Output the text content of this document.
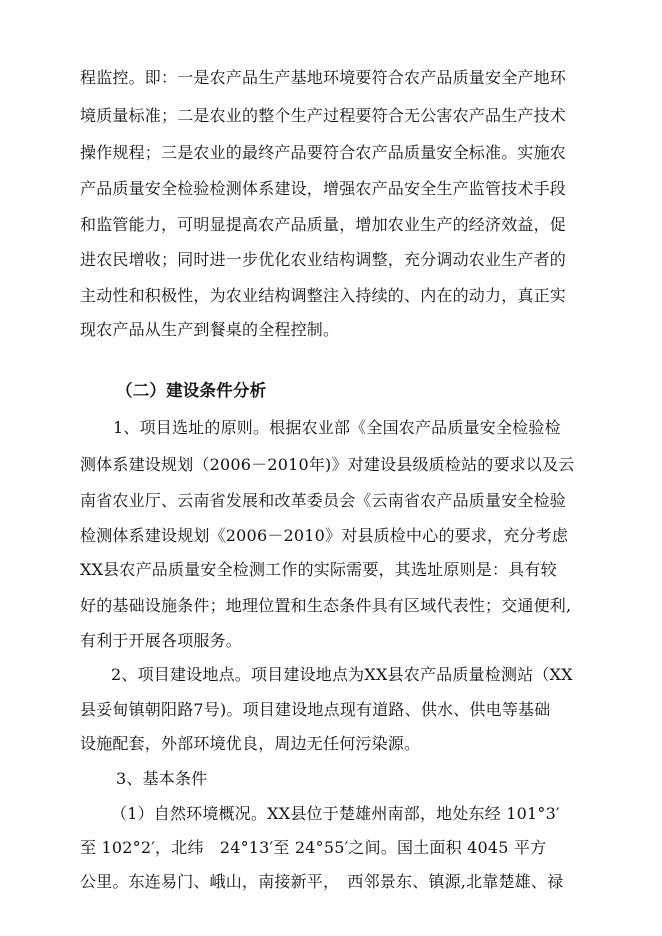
程监控。即：一是农产品生产基地环境要符合农产品质量安全产地环
境质量标准；二是农业的整个生产过程要符合无公害农产品生产技术
操作规程；三是农业的最终产品要符合农产品质量安全标准。实施农
产品质量安全检验检测体系建设，增强农产品安全生产监管技术手段
和监管能力，可明显提高农产品质量，增加农业生产的经济效益，促
进农民增收；同时进一步优化农业结构调整，充分调动农业生产者的
主动性和积极性，为农业结构调整注入持续的、内在的动力，真正实
现农产品从生产到餐桌的全程控制。
（二）建设条件分析
1、项目选址的原则。根据农业部《全国农产品质量安全检验检
测体系建设规划（2006－2010年)》对建设县级质检站的要求以及云
南省农业厅、云南省发展和改革委员会《云南省农产品质量安全检验
检测体系建设规划《2006－2010》对县质检中心的要求，充分考虑
XX县农产品质量安全检测工作的实际需要，其选址原则是：具有较
好的基础设施条件；地理位置和生态条件具有区域代表性；交通便利,
有利于开展各项服务。
2、项目建设地点。项目建设地点为XX县农产品质量检测站（XX
县妥甸镇朝阳路7号)。项目建设地点现有道路、供水、供电等基础
设施配套，外部环境优良，周边无任何污染源。
3、基本条件
（1）自然环境概况。XX县位于楚雄州南部，地处东经 101°3′
至 102°2′，北纬　24°13′至 24°55′之间。国土面积 4045 平方
公里。东连易门、峨山，南接新平，　西邻景东、镇源,北靠楚雄、禄
